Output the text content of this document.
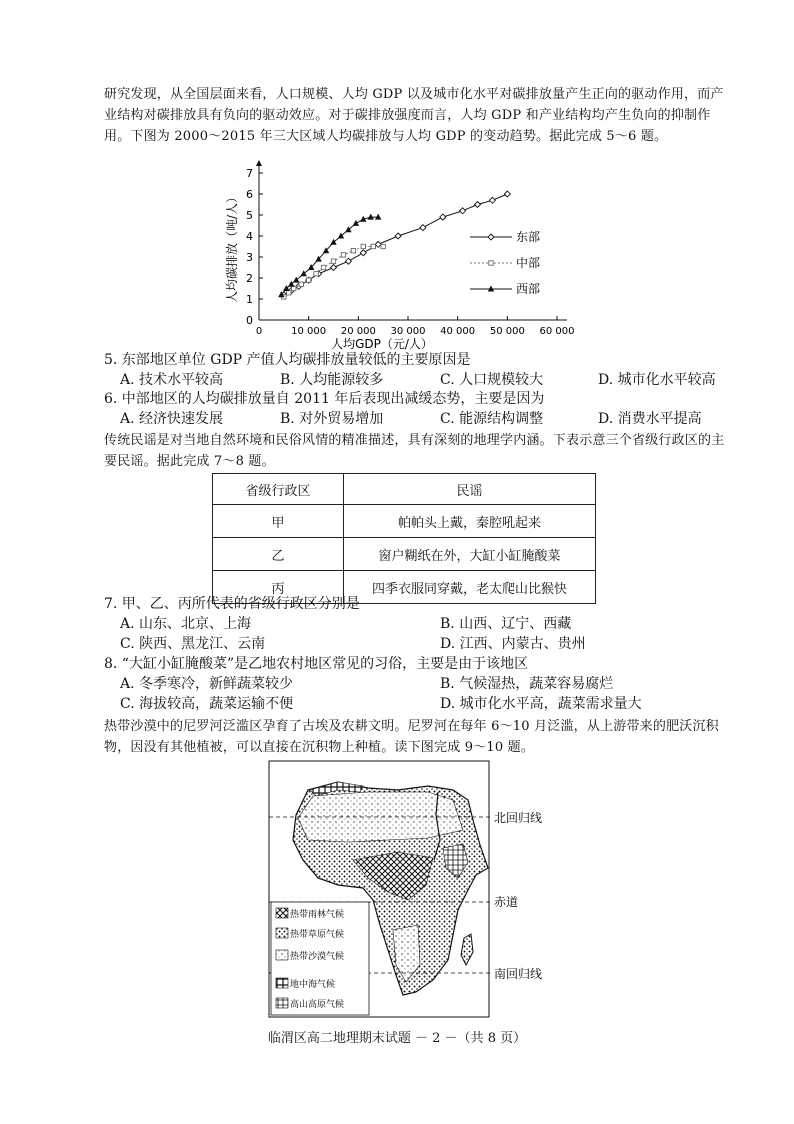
研究发现，从全国层面来看，人口规模、人均 GDP 以及城市化水平对碳排放量产生正向的驱动作用，而产业结构对碳排放具有负向的驱动效应。对于碳排放强度而言，人均 GDP 和产业结构均产生负向的抑制作用。下图为 2000～2015 年三大区域人均碳排放与人均 GDP 的变动趋势。据此完成 5～6 题。
0
1
2
3
4
5
6
7
0	10 000 20 000 30 000 40 000 50 000 60 000
人均碳排放（吨/人）
人均GDP（元/人）
东部
中部
西部
5. 东部地区单位 GDP 产值人均碳排放量较低的主要原因是
A. 技术水平较高	B. 人均能源较多	C. 人口规模较大	D. 城市化水平较高
6. 中部地区的人均碳排放量自 2011 年后表现出减缓态势，主要是因为
A. 经济快速发展	B. 对外贸易增加	C. 能源结构调整	D. 消费水平提高
传统民谣是对当地自然环境和民俗风情的精准描述，具有深刻的地理学内涵。下表示意三个省级行政区的主要民谣。据此完成 7～8 题。
省级行政区	民谣
甲	帕帕头上戴，秦腔吼起来
乙	窗户糊纸在外，大缸小缸腌酸菜
丙	四季衣服同穿戴，老太爬山比猴快
7. 甲、乙、丙所代表的省级行政区分别是
A. 山东、北京、上海	B. 山西、辽宁、西藏
C. 陕西、黑龙江、云南	D. 江西、内蒙古、贵州
8. “大缸小缸腌酸菜”是乙地农村地区常见的习俗，主要是由于该地区
A. 冬季寒冷，新鲜蔬菜较少	B. 气候湿热，蔬菜容易腐烂
C. 海拔较高，蔬菜运输不便	D. 城市化水平高，蔬菜需求量大
热带沙漠中的尼罗河泛滥区孕育了古埃及农耕文明。尼罗河在每年 6～10 月泛滥，从上游带来的肥沃沉积物，因没有其他植被，可以直接在沉积物上种植。读下图完成 9～10 题。
北回归线
赤道
南回归线
热带雨林气候
热带草原气候
热带沙漠气候
地中海气候
高山高原气候
临渭区高二地理期末试题 － 2 －（共 8 页）
